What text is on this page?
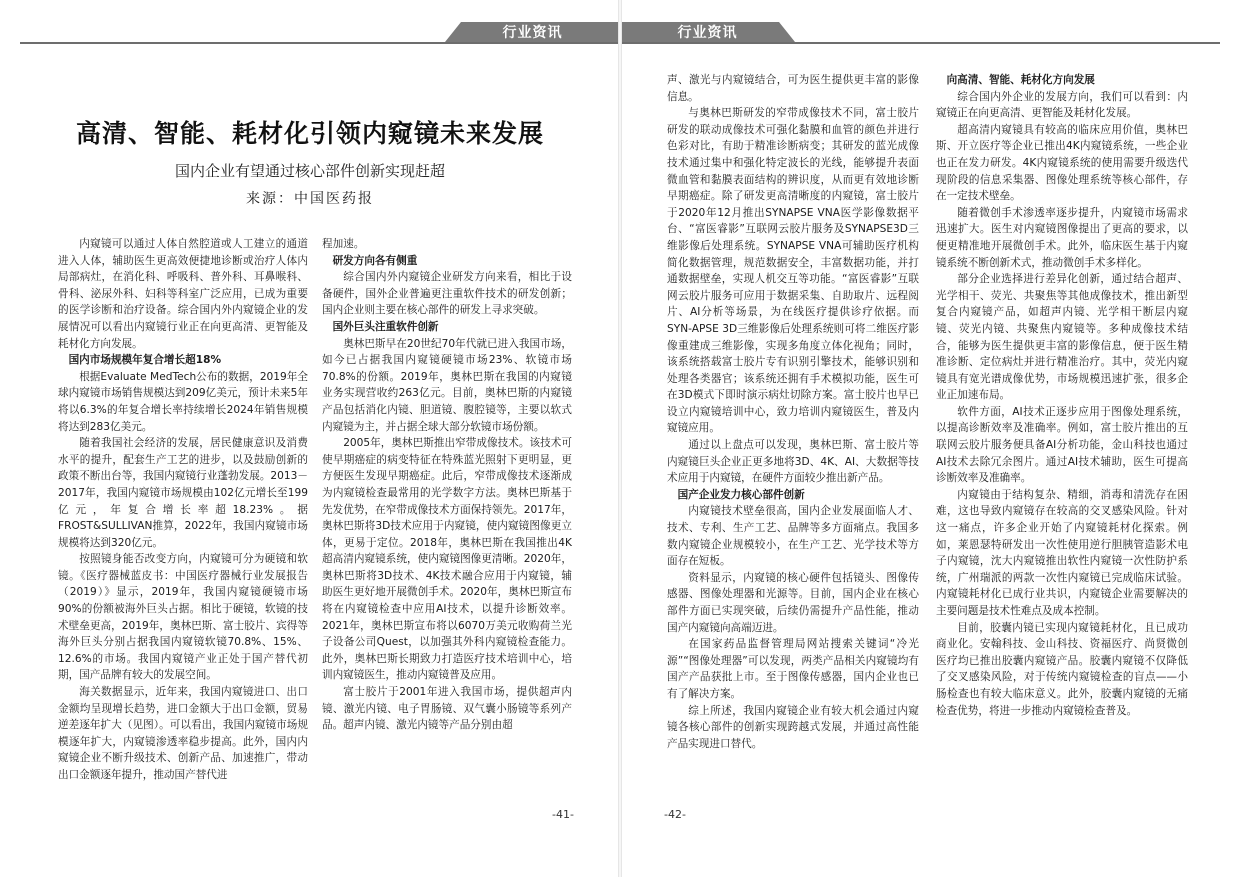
行业资讯
高清、智能、耗材化引领内窥镜未来发展
国内企业有望通过核心部件创新实现赶超
来源：中国医药报

内窥镜可以通过人体自然腔道或人工建立的通道进入人体，辅助医生更高效便捷地诊断或治疗人体内局部病灶，在消化科、呼吸科、普外科、耳鼻喉科、骨科、泌尿外科、妇科等科室广泛应用，已成为重要的医学诊断和治疗设备。综合国内外内窥镜企业的发展情况可以看出内窥镜行业正在向更高清、更智能及耗材化方向发展。

国内市场规模年复合增长超18%

根据Evaluate MedTech公布的数据，2019年全球内窥镜市场销售规模达到209亿美元，预计未来5年将以6.3%的年复合增长率持续增长2024年销售规模将达到283亿美元。

随着我国社会经济的发展，居民健康意识及消费水平的提升，配套生产工艺的进步，以及鼓励创新的政策不断出台等，我国内窥镜行业蓬勃发展。2013－2017年，我国内窥镜市场规模由102亿元增长至199亿元，年复合增长率超18.23%。据FROST&SULLIVAN推算，2022年，我国内窥镜市场规模将达到320亿元。

按照镜身能否改变方向，内窥镜可分为硬镜和软镜。《医疗器械蓝皮书：中国医疗器械行业发展报告（2019）》显示，2019年，我国内窥镜硬镜市场90%的份额被海外巨头占据。相比于硬镜，软镜的技术壁垒更高，2019年，奥林巴斯、富士胶片、宾得等海外巨头分别占据我国内窥镜软镜70.8%、15%、12.6%的市场。我国内窥镜产业正处于国产替代初期，国产品牌有较大的发展空间。

海关数据显示，近年来，我国内窥镜进口、出口金额均呈现增长趋势，进口金额大于出口金额，贸易逆差逐年扩大（见图）。可以看出，我国内窥镜市场规模逐年扩大，内窥镜渗透率稳步提高。此外，国内内窥镜企业不断升级技术、创新产品、加速推广，带动出口金额逐年提升，推动国产替代进

程加速。

研发方向各有侧重

综合国内外内窥镜企业研发方向来看，相比于设备硬件，国外企业普遍更注重软件技术的研发创新；国内企业则主要在核心部件的研发上寻求突破。

国外巨头注重软件创新

奥林巴斯早在20世纪70年代就已进入我国市场，如今已占据我国内窥镜硬镜市场23%、软镜市场70.8%的份额。2019年，奥林巴斯在我国的内窥镜业务实现营收约263亿元。目前，奥林巴斯的内窥镜产品包括消化内镜、胆道镜、腹腔镜等，主要以软式内窥镜为主，并占据全球大部分软镜市场份额。

2005年，奥林巴斯推出窄带成像技术。该技术可使早期癌症的病变特征在特殊蓝光照射下更明显，更方便医生发现早期癌症。此后，窄带成像技术逐渐成为内窥镜检查最常用的光学数字方法。奥林巴斯基于先发优势，在窄带成像技术方面保持领先。2017年，奥林巴斯将3D技术应用于内窥镜，使内窥镜图像更立体，更易于定位。2018年，奥林巴斯在我国推出4K超高清内窥镜系统，使内窥镜图像更清晰。2020年，奥林巴斯将3D技术、4K技术融合应用于内窥镜，辅助医生更好地开展微创手术。2020年，奥林巴斯宣布将在内窥镜检查中应用AI技术，以提升诊断效率。2021年，奥林巴斯宣布将以6070万美元收购荷兰光子设备公司Quest，以加强其外科内窥镜检查能力。此外，奥林巴斯长期致力打造医疗技术培训中心，培训内窥镜医生，推动内窥镜普及应用。

富士胶片于2001年进入我国市场，提供超声内镜、激光内镜、电子胃肠镜、双气囊小肠镜等系列产品。超声内镜、激光内镜等产品分别由超

-41-	-42-
行业资讯

声、激光与内窥镜结合，可为医生提供更丰富的影像信息。

与奥林巴斯研发的窄带成像技术不同，富士胶片研发的联动成像技术可强化黏膜和血管的颜色并进行色彩对比，有助于精准诊断病变；其研发的蓝光成像技术通过集中和强化特定波长的光线，能够提升表面微血管和黏膜表面结构的辨识度，从而更有效地诊断早期癌症。除了研发更高清晰度的内窥镜，富士胶片于2020年12月推出SYNAPSE VNA医学影像数据平台、“富医睿影”互联网云胶片服务及SYNAPSE3D三维影像后处理系统。SYNAPSE VNA可辅助医疗机构简化数据管理，规范数据安全，丰富数据功能，并打通数据壁垒，实现人机交互等功能。“富医睿影”互联网云胶片服务可应用于数据采集、自助取片、远程阅片、AI分析等场景，为在线医疗提供诊疗依据。而SYN-APSE 3D三维影像后处理系统则可将二维医疗影像重建成三维影像，实现多角度立体化视角；同时，该系统搭载富士胶片专有识别引擎技术，能够识别和处理各类器官；该系统还拥有手术模拟功能，医生可在3D模式下即时演示病灶切除方案。富士胶片也早已设立内窥镜培训中心，致力培训内窥镜医生，普及内窥镜应用。

通过以上盘点可以发现，奥林巴斯、富士胶片等内窥镜巨头企业正更多地将3D、4K、AI、大数据等技术应用于内窥镜，在硬件方面较少推出新产品。

国产企业发力核心部件创新

内窥镜技术壁垒很高，国内企业发展面临人才、技术、专利、生产工艺、品牌等多方面痛点。我国多数内窥镜企业规模较小，在生产工艺、光学技术等方面存在短板。

资料显示，内窥镜的核心硬件包括镜头、图像传感器、图像处理器和光源等。目前，国内企业在核心部件方面已实现突破，后续仍需提升产品性能，推动国产内窥镜向高端迈进。

在国家药品监督管理局网站搜索关键词“冷光源”“图像处理器”可以发现，两类产品相关内窥镜均有国产产品获批上市。至于图像传感器，国内企业也已有了解决方案。

综上所述，我国内窥镜企业有较大机会通过内窥镜各核心部件的创新实现跨越式发展，并通过高性能产品实现进口替代。

向高清、智能、耗材化方向发展

综合国内外企业的发展方向，我们可以看到：内窥镜正在向更高清、更智能及耗材化发展。

超高清内窥镜具有较高的临床应用价值，奥林巴斯、开立医疗等企业已推出4K内窥镜系统，一些企业也正在发力研发。4K内窥镜系统的使用需要升级迭代现阶段的信息采集器、图像处理系统等核心部件，存在一定技术壁垒。

随着微创手术渗透率逐步提升，内窥镜市场需求迅速扩大。医生对内窥镜图像提出了更高的要求，以便更精准地开展微创手术。此外，临床医生基于内窥镜系统不断创新术式，推动微创手术多样化。

部分企业选择进行差异化创新，通过结合超声、光学相干、荧光、共聚焦等其他成像技术，推出新型复合内窥镜产品，如超声内镜、光学相干断层内窥镜、荧光内镜、共聚焦内窥镜等。多种成像技术结合，能够为医生提供更丰富的影像信息，便于医生精准诊断、定位病灶并进行精准治疗。其中，荧光内窥镜具有宽光谱成像优势，市场规模迅速扩张，很多企业正加速布局。

软件方面，AI技术正逐步应用于图像处理系统，以提高诊断效率及准确率。例如，富士胶片推出的互联网云胶片服务便具备AI分析功能，金山科技也通过AI技术去除冗余图片。通过AI技术辅助，医生可提高诊断效率及准确率。

内窥镜由于结构复杂、精细，消毒和清洗存在困难，这也导致内窥镜存在较高的交叉感染风险。针对这一痛点，许多企业开始了内窥镜耗材化探索。例如，莱恩瑟特研发出一次性使用逆行胆胰管造影术电子内窥镜，沈大内窥镜推出软性内窥镜一次性防护系统，广州瑞派的两款一次性内窥镜已完成临床试验。内窥镜耗材化已成行业共识，内窥镜企业需要解决的主要问题是技术性难点及成本控制。

目前，胶囊内镜已实现内窥镜耗材化，且已成功商业化。安翰科技、金山科技、资福医疗、尚贤微创医疗均已推出胶囊内窥镜产品。胶囊内窥镜不仅降低了交叉感染风险，对于传统内窥镜检查的盲点——小肠检查也有较大临床意义。此外，胶囊内窥镜的无痛检查优势，将进一步推动内窥镜检查普及。
